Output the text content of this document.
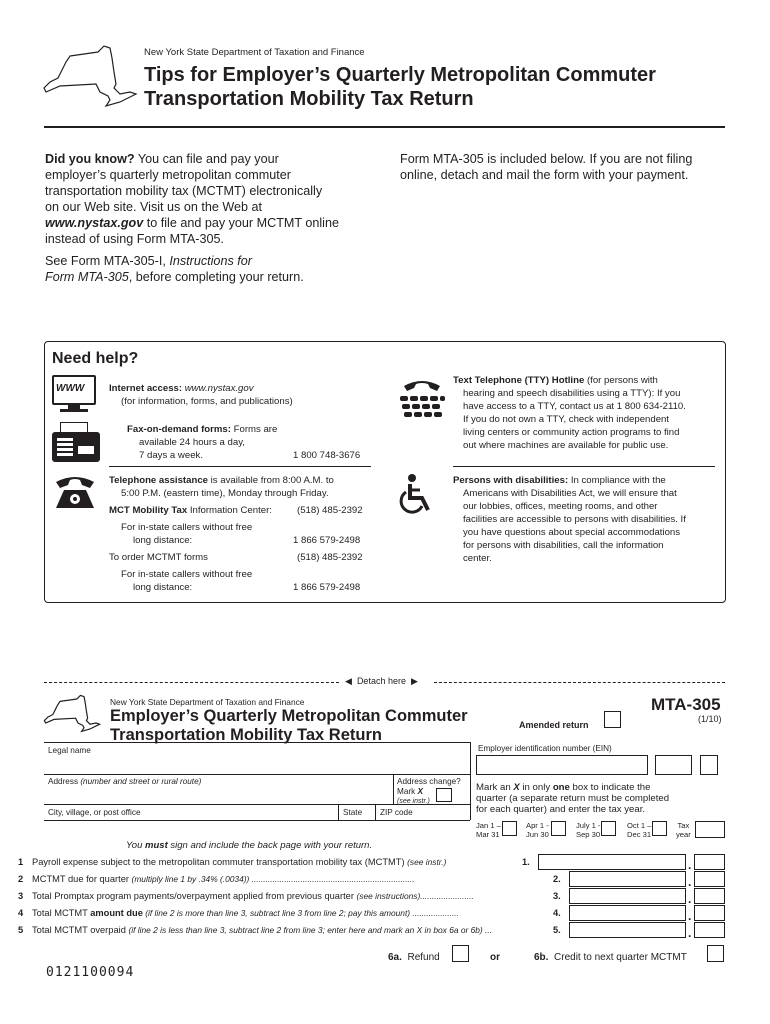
New York State Department of Taxation and Finance
Tips for Employer’s Quarterly Metropolitan Commuter
Transportation Mobility Tax Return
Did you know? You can file and pay your
employer’s quarterly metropolitan commuter
transportation mobility tax (MCTMT) electronically
on our Web site. Visit us on the Web at
www.nystax.gov to file and pay your MCTMT online
instead of using Form MTA-305.
See Form MTA-305-I, Instructions for
Form MTA-305, before completing your return.
Form MTA-305 is included below. If you are not filing
online, detach and mail the form with your payment.
Need help?
WWW	Internet access: www.nystax.gov
(for information, forms, and publications)
Fax-on-demand forms: Forms are
available 24 hours a day,
7 days a week.	1 800 748-3676
Telephone assistance is available from 8:00 A.M. to
5:00 P.M. (eastern time), Monday through Friday.
MCT Mobility Tax Information Center:	(518) 485-2392
For in-state callers without free
long distance:	1 866 579-2498
To order MCTMT forms	(518) 485-2392
For in-state callers without free
long distance:	1 866 579-2498
Text Telephone (TTY) Hotline (for persons with
hearing and speech disabilities using a TTY): If you
have access to a TTY, contact us at 1 800 634-2110.
If you do not own a TTY, check with independent
living centers or community action programs to find
out where machines are available for public use.
Persons with disabilities: In compliance with the
Americans with Disabilities Act, we will ensure that
our lobbies, offices, meeting rooms, and other
facilities are accessible to persons with disabilities. If
you have questions about special accommodations
for persons with disabilities, call the information
center.
◀ Detach here ▶
New York State Department of Taxation and Finance
Employer’s Quarterly Metropolitan Commuter
Transportation Mobility Tax Return
MTA-305
(1/10)
Amended return
Legal name	Employer identification number (EIN)
Address (number and street or rural route)	Address change?
Mark X
(see instr.)
City, village, or post office	State ZIP code
Mark an X in only one box to indicate the
quarter (a separate return must be completed
for each quarter) and enter the tax year.
Jan 1 –
Mar 31
Apr 1 -
Jun 30
July 1 -
Sep 30
Oct 1 –
Dec 31
Tax
year
You must sign and include the back page with your return.
1 Payroll expense subject to the metropolitan commuter transportation mobility tax (MCTMT) (see instr.)	1.	.
2 MCTMT due for quarter (multiply line 1 by .34% (.0034)) ......................................................................	2.	.
3 Total Promptax program payments/overpayment applied from previous quarter (see instructions).......................	3.	.
4 Total MCTMT amount due (if line 2 is more than line 3, subtract line 3 from line 2; pay this amount) ....................	4.	.
5 Total MCTMT overpaid (if line 2 is less than line 3, subtract line 2 from line 3; enter here and mark an X in box 6a or 6b) ...	5.	.
6a. Refund	or	6b. Credit to next quarter MCTMT
0121100094
